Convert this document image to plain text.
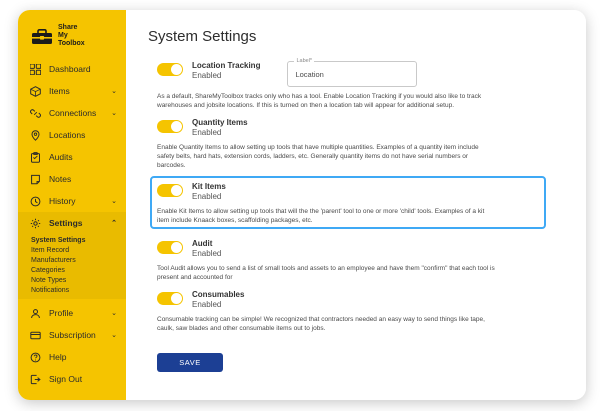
Share
My
Toolbox
Dashboard
Items	⌄
Connections	⌄
Locations
Audits
Notes
History	⌄
Settings	⌃
System Settings
Item Record
Manufacturers
Categories
Note Types
Notifications
Profile	⌄
Subscription	⌄
Help
Sign Out
System Settings
Location Tracking
Enabled
Label*
Location
As a default, ShareMyToolbox tracks only who has a tool. Enable Location Tracking if you would also like to track warehouses and jobsite locations. If this is turned on then a location tab will appear for additional setup.
Quantity Items
Enabled
Enable Quantity Items to allow setting up tools that have multiple quantities. Examples of a quantity item include safety belts, hard hats, extension cords, ladders, etc. Generally quantity items do not have serial numbers or barcodes.
Kit Items
Enabled
Enable Kit Items to allow setting up tools that will the the 'parent' tool to one or more 'child' tools. Examples of a kit item include Knaack boxes, scaffolding packages, etc.
Audit
Enabled
Tool Audit allows you to send a list of small tools and assets to an employee and have them "confirm" that each tool is present and accounted for
Consumables
Enabled
Consumable tracking can be simple! We recognized that contractors needed an easy way to send things like tape, caulk, saw blades and other consumable items out to jobs.
SAVE
